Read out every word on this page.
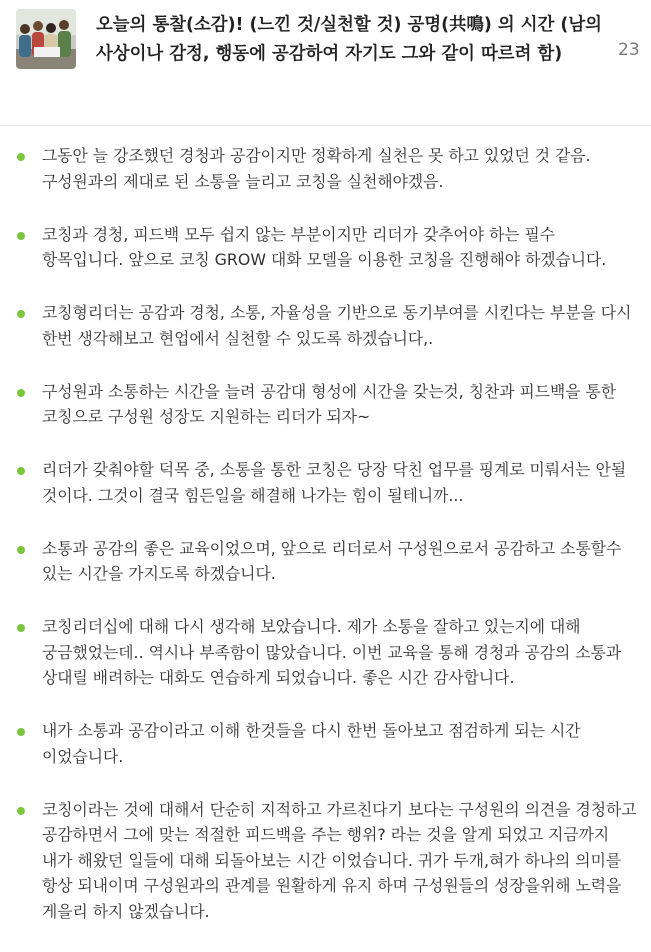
오늘의 통찰(소감)! (느낀 것/실천할 것) 공명(共鳴) 의 시간 (남의 사상이나 감정, 행동에 공감하여 자기도 그와 같이 따르려 함)	23
그동안 늘 강조했던 경청과 공감이지만 정확하게 실천은 못 하고 있었던 것 같음. 구성원과의 제대로 된 소통을 늘리고 코칭을 실천해야겠음.
코칭과 경청, 피드백 모두 쉽지 않는 부분이지만 리더가 갖추어야 하는 필수 항목입니다. 앞으로 코칭 GROW 대화 모델을 이용한 코칭을 진행해야 하겠습니다.
코칭형리더는 공감과 경청, 소통, 자율성을 기반으로 동기부여를 시킨다는 부분을 다시 한번 생각해보고 현업에서 실천할 수 있도록 하겠습니다,.
구성원과 소통하는 시간을 늘려 공감대 형성에 시간을 갖는것, 칭찬과 피드백을 통한 코칭으로 구성원 성장도 지원하는 리더가 되자~
리더가 갖춰야할 덕목 중, 소통을 통한 코칭은 당장 닥친 업무를 핑계로 미뤄서는 안될 것이다. 그것이 결국 힘든일을 해결해 나가는 힘이 될테니까...
소통과 공감의 좋은 교육이었으며, 앞으로 리더로서 구성원으로서 공감하고 소통할수 있는 시간을 가지도록 하겠습니다.
코칭리더십에 대해 다시 생각해 보았습니다. 제가 소통을 잘하고 있는지에 대해 궁금했었는데.. 역시나 부족함이 많았습니다. 이번 교육을 통해 경청과 공감의 소통과 상대릴 배려하는 대화도 연습하게 되었습니다. 좋은 시간 감사합니다.
내가 소통과 공감이라고 이해 한것들을 다시 한번 돌아보고 점검하게 되는 시간 이었습니다.
코칭이라는 것에 대해서 단순히 지적하고 가르친다기 보다는 구성원의 의견을 경청하고 공감하면서 그에 맞는 적절한 피드백을 주는 행위? 라는 것을 알게 되었고 지금까지 내가 해왔던 일들에 대해 되돌아보는 시간 이었습니다. 귀가 두개,혀가 하나의 의미를 항상 되내이며 구성원과의 관계를 원활하게 유지 하며 구성원들의 성장을위해 노력을 게을리 하지 않겠습니다.
